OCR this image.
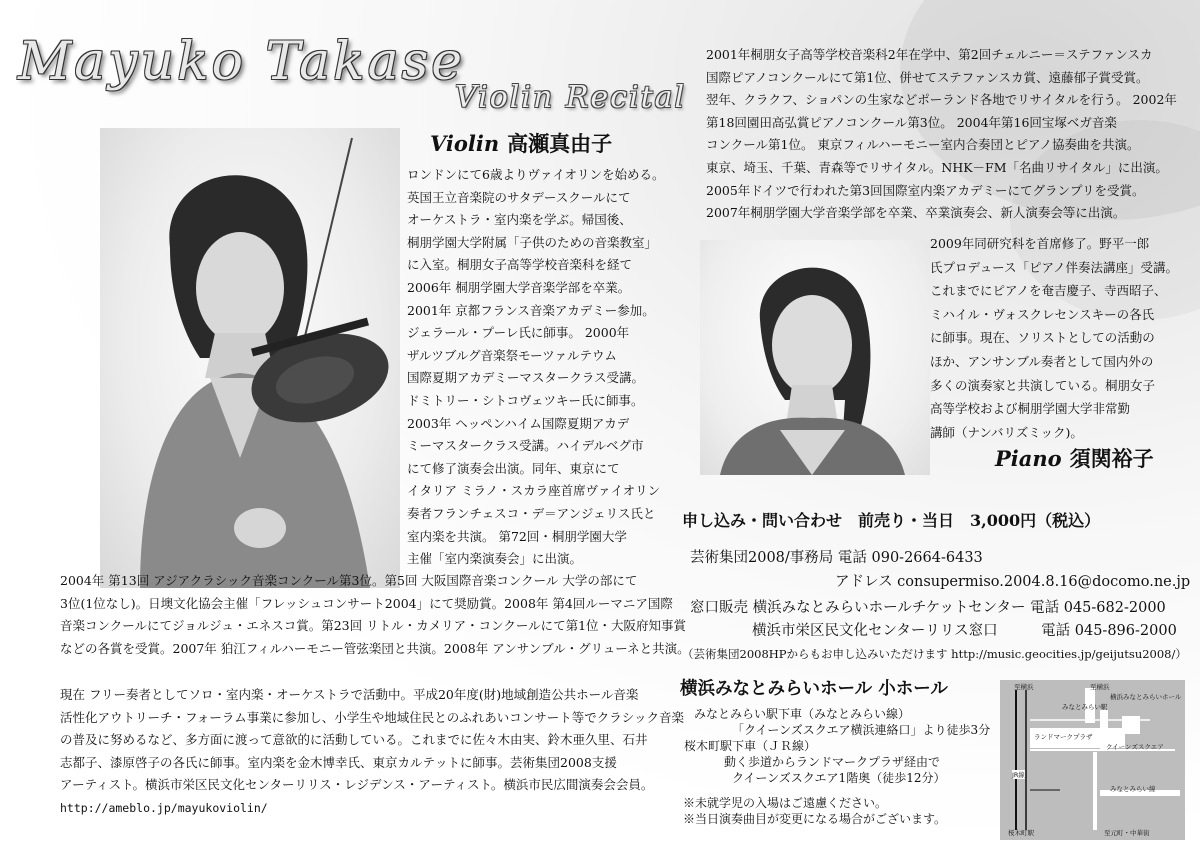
Mayuko Takase
Violin Recital
Violin 高瀬真由子
ロンドンにて6歳よりヴァイオリンを始める。
英国王立音楽院のサタデースクールにて
オーケストラ・室内楽を学ぶ。帰国後、
桐朋学園大学附属「子供のための音楽教室」
に入室。桐朋女子高等学校音楽科を経て
2006年 桐朋学園大学音楽学部を卒業。
2001年 京都フランス音楽アカデミー参加。
ジェラール・プーレ氏に師事。 2000年
ザルツブルグ音楽祭モーツァルテウム
国際夏期アカデミーマスタークラス受講。
ドミトリー・シトコヴェツキー氏に師事。
2003年 ヘッペンハイム国際夏期アカデ
ミーマスタークラス受講。ハイデルベグ市
にて修了演奏会出演。同年、東京にて
イタリア ミラノ・スカラ座首席ヴァイオリン
奏者フランチェスコ・デ＝アンジェリス氏と
室内楽を共演。 第72回・桐朋学園大学
主催「室内楽演奏会」に出演。
2004年 第13回 アジアクラシック音楽コンクール第3位。第5回 大阪国際音楽コンクール 大学の部にて
3位(1位なし)。日墺文化協会主催「フレッシュコンサート2004」にて奨励賞。2008年 第4回ルーマニア国際
音楽コンクールにてジョルジュ・エネスコ賞。第23回 リトル・カメリア・コンクールにて第1位・大阪府知事賞
などの各賞を受賞。2007年 狛江フィルハーモニー管弦楽団と共演。2008年 アンサンブル・グリューネと共演。
現在 フリー奏者としてソロ・室内楽・オーケストラで活動中。平成20年度(財)地域創造公共ホール音楽
活性化アウトリーチ・フォーラム事業に参加し、小学生や地域住民とのふれあいコンサート等でクラシック音楽
の普及に努めるなど、多方面に渡って意欲的に活動している。これまでに佐々木由実、鈴木亜久里、石井
志都子、漆原啓子の各氏に師事。室内楽を金木博幸氏、東京カルテットに師事。芸術集団2008支援
アーティスト。横浜市栄区民文化センターリリス・レジデンス・アーティスト。横浜市民広間演奏会会員。
http://ameblo.jp/mayukoviolin/
2001年桐朋女子高等学校音楽科2年在学中、第2回チェルニー＝ステファンスカ
国際ピアノコンクールにて第1位、併せてステファンスカ賞、遠藤郁子賞受賞。
翌年、クラクフ、ショパンの生家などポーランド各地でリサイタルを行う。 2002年
第18回園田高弘賞ピアノコンクール第3位。 2004年第16回宝塚ベガ音楽
コンクール第1位。 東京フィルハーモニー室内合奏団とピアノ協奏曲を共演。
東京、埼玉、千葉、青森等でリサイタル。NHK－FM「名曲リサイタル」に出演。
2005年ドイツで行われた第3回国際室内楽アカデミーにてグランプリを受賞。
2007年桐朋学園大学音楽学部を卒業、卒業演奏会、新人演奏会等に出演。
2009年同研究科を首席修了。野平一郎
氏プロデュース「ピアノ伴奏法講座」受講。
これまでにピアノを奄吉慶子、寺西昭子、
ミハイル・ヴォスクレセンスキーの各氏
に師事。現在、ソリストとしての活動の
ほか、アンサンブル奏者として国内外の
多くの演奏家と共演している。桐朋女子
高等学校および桐朋学園大学非常勤
講師（ナンバリズミック)。
Piano 須関裕子
申し込み・問い合わせ　前売り・当日　3,000円（税込）
芸術集団2008/事務局 電話 090-2664-6433
アドレス consupermiso.2004.8.16@docomo.ne.jp
窓口販売 横浜みなとみらいホールチケットセンター 電話 045-682-2000
横浜市栄区民文化センターリリス窓口　　　電話 045-896-2000
（芸術集団2008HPからもお申し込みいただけます http://music.geocities.jp/geijutsu2008/）
横浜みなとみらいホール 小ホール
みなとみらい駅下車（みなとみらい線）
「クイーンズスクエア横浜連絡口」より徒歩3分
桜木町駅下車（ＪＲ線）
動く歩道からランドマークプラザ経由で
クイーンズスクエア1階奥（徒歩12分）
※未就学児の入場はご遠慮ください。
※当日演奏曲目が変更になる場合がございます。
至横浜	至横浜
みなとみらい駅
横浜みなとみらいホール
ランドマークプラザ
クイーンズスクエア
JR線
みなとみらい線
桜木町駅	至元町・中華街
